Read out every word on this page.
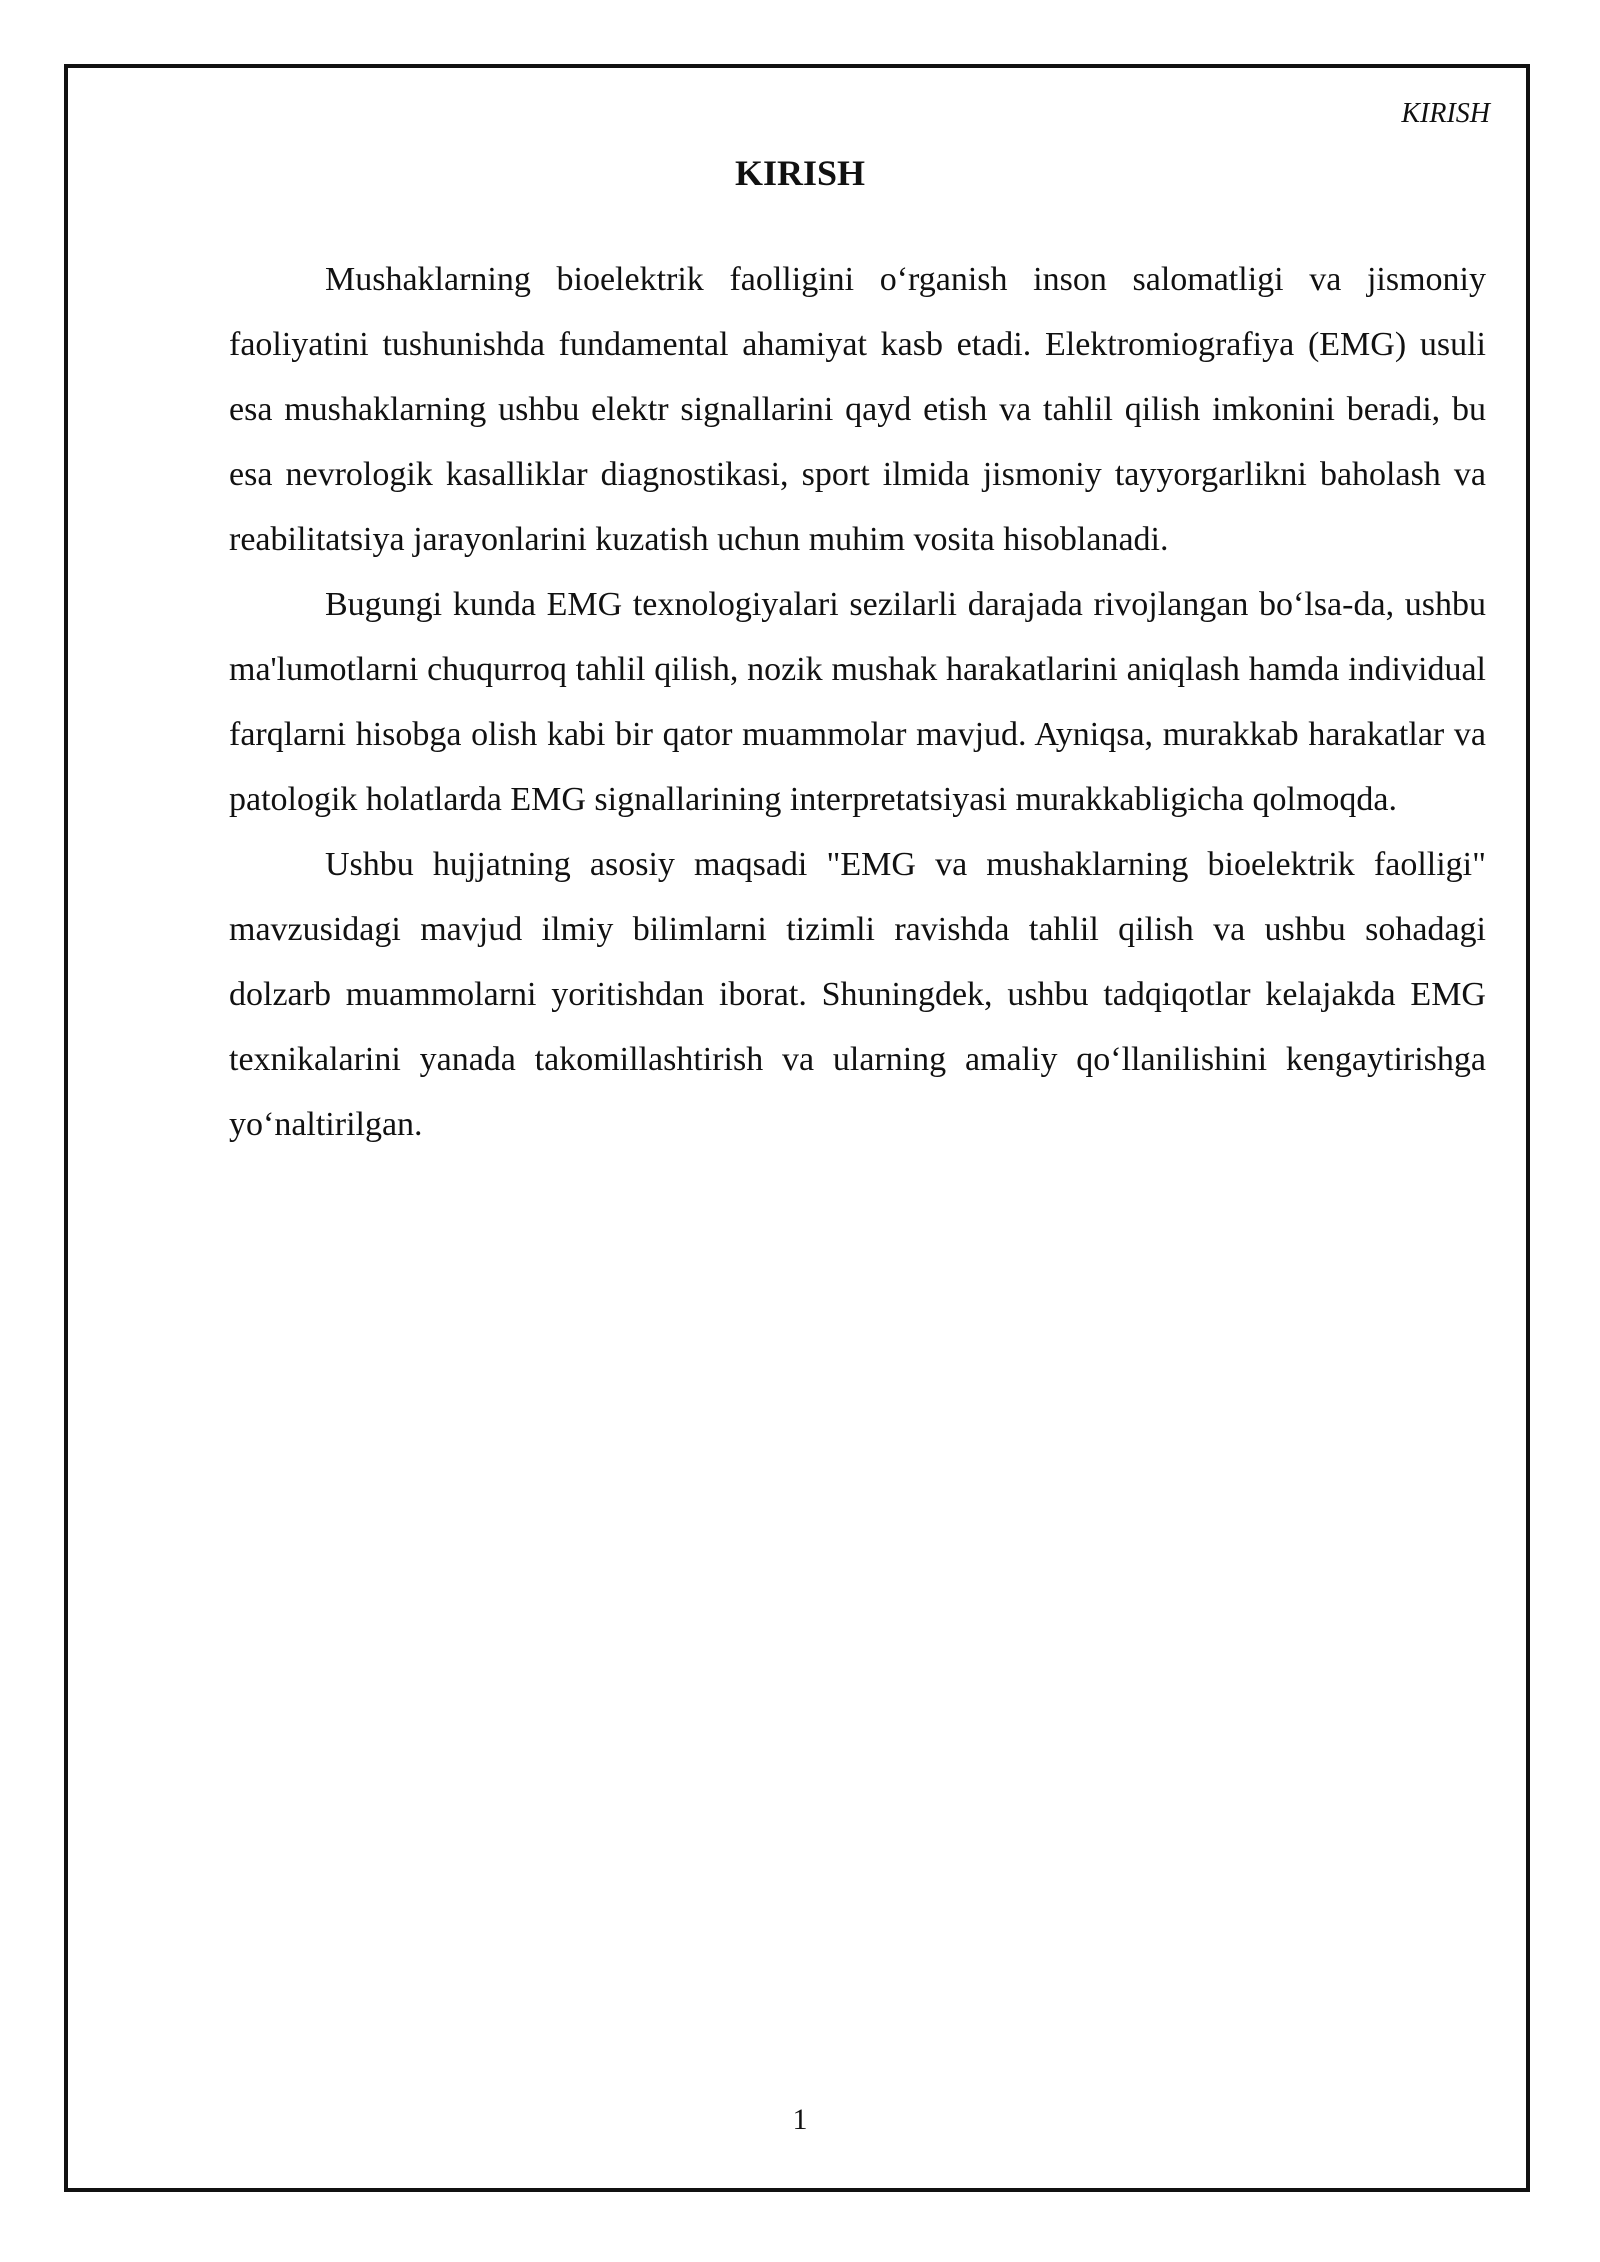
KIRISH
KIRISH

Mushaklarning bioelektrik faolligini o‘rganish inson salomatligi va jismoniy faoliyatini tushunishda fundamental ahamiyat kasb etadi. Elektromiografiya (EMG) usuli esa mushaklarning ushbu elektr signallarini qayd etish va tahlil qilish imkonini beradi, bu esa nevrologik kasalliklar diagnostikasi, sport ilmida jismoniy tayyorgarlikni baholash va reabilitatsiya jarayonlarini kuzatish uchun muhim vosita hisoblanadi.

Bugungi kunda EMG texnologiyalari sezilarli darajada rivojlangan bo‘lsa-da, ushbu ma'lumotlarni chuqurroq tahlil qilish, nozik mushak harakatlarini aniqlash hamda individual farqlarni hisobga olish kabi bir qator muammolar mavjud. Ayniqsa, murakkab harakatlar va patologik holatlarda EMG signallarining interpretatsiyasi murakkabligicha qolmoqda.

Ushbu hujjatning asosiy maqsadi "EMG va mushaklarning bioelektrik faolligi" mavzusidagi mavjud ilmiy bilimlarni tizimli ravishda tahlil qilish va ushbu sohadagi dolzarb muammolarni yoritishdan iborat. Shuningdek, ushbu tadqiqotlar kelajakda EMG texnikalarini yanada takomillashtirish va ularning amaliy qo‘llanilishini kengaytirishga yo‘naltirilgan.

1
